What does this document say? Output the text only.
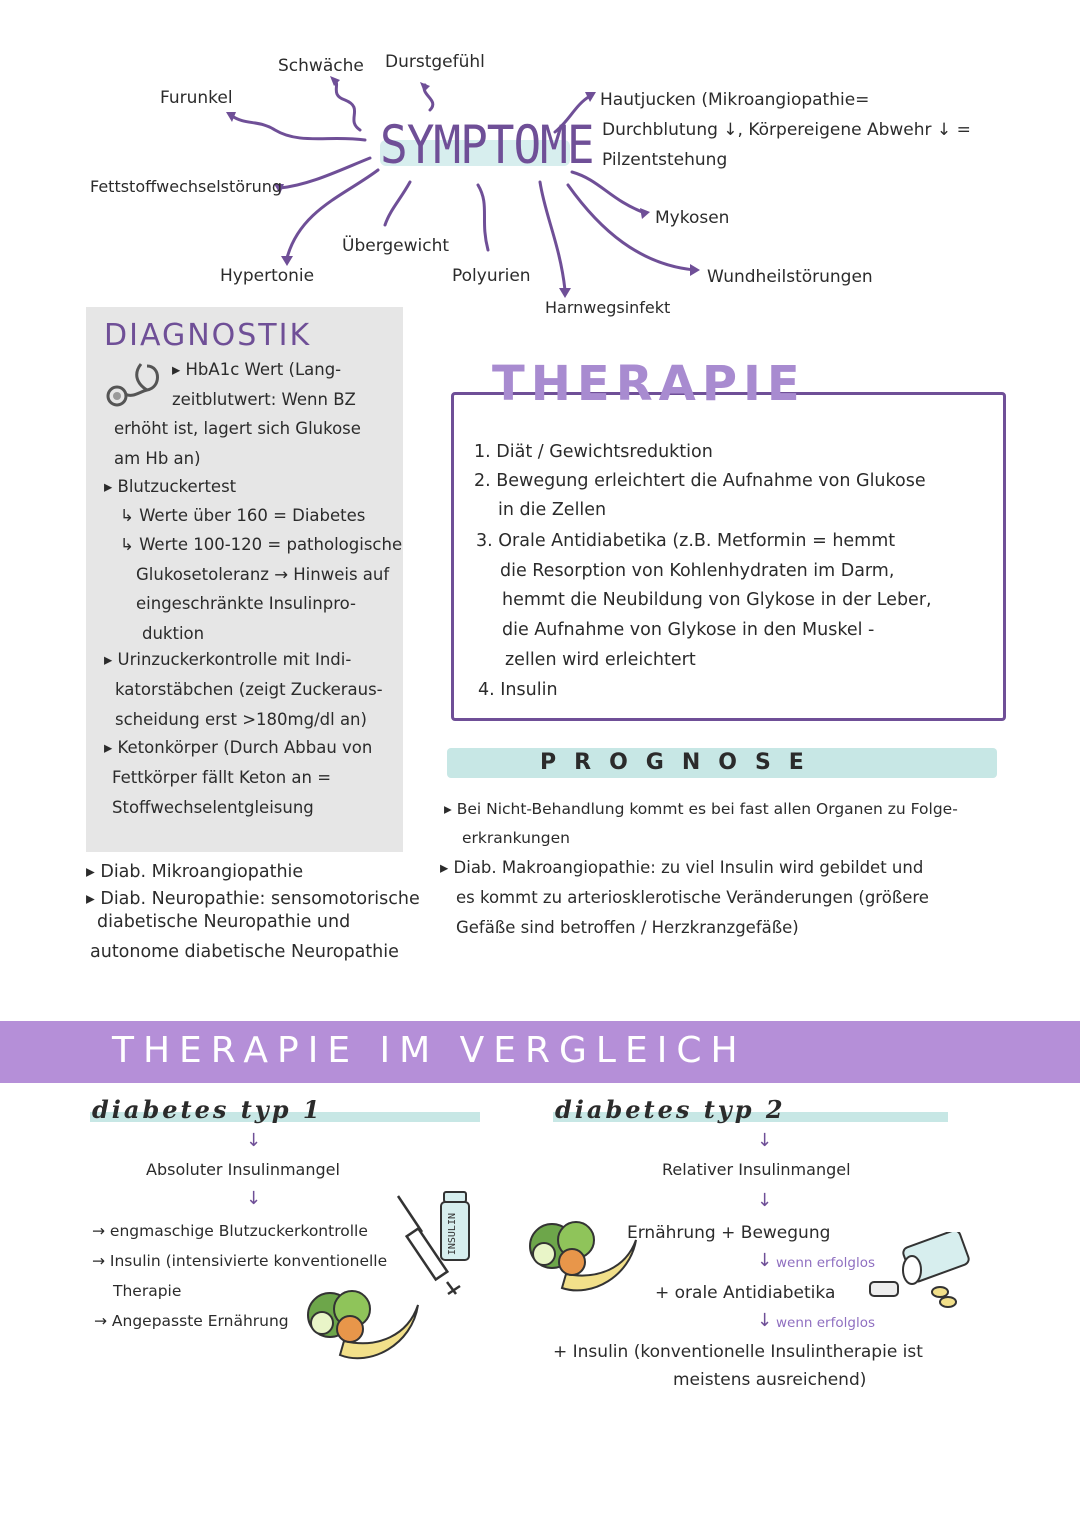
SYMPTOME
Schwäche Durstgefühl
Furunkel
Fettstoffwechselstörung
Hypertonie
Übergewicht
Polyurien
Harnwegsinfekt
Hautjucken (Mikroangiopathie=
Durchblutung ↓, Körpereigene Abwehr ↓ =
Pilzentstehung
Mykosen
Wundheilstörungen
DIAGNOSTIK
▸ HbA1c Wert (Lang-
zeitblutwert: Wenn BZ
erhöht ist, lagert sich Glukose
am Hb an)
▸ Blutzuckertest
↳ Werte über 160 = Diabetes
↳ Werte 100-120 = pathologische
Glukosetoleranz → Hinweis auf
eingeschränkte Insulinpro-
duktion
▸ Urinzuckerkontrolle mit Indi-
katorstäbchen (zeigt Zuckeraus-
scheidung erst >180mg/dl an)
▸ Ketonkörper (Durch Abbau von
Fettkörper fällt Keton an =
Stoffwechselentgleisung
THERAPIE
1. Diät / Gewichtsreduktion
2. Bewegung erleichtert die Aufnahme von Glukose
in die Zellen
3. Orale Antidiabetika (z.B. Metformin = hemmt
die Resorption von Kohlenhydraten im Darm,
hemmt die Neubildung von Glykose in der Leber,
die Aufnahme von Glykose in den Muskel -
zellen wird erleichtert
4. Insulin
PROGNOSE
▸ Bei Nicht-Behandlung kommt es bei fast allen Organen zu Folge-
erkrankungen
▸ Diab. Makroangiopathie: zu viel Insulin wird gebildet und
es kommt zu arteriosklerotische Veränderungen (größere
Gefäße sind betroffen / Herzkranzgefäße)
▸ Diab. Mikroangiopathie
▸ Diab. Neuropathie: sensomotorische
diabetische Neuropathie und
autonome diabetische Neuropathie
THERAPIE IM VERGLEICH
diabetes typ 1
↓
Absoluter Insulinmangel
↓
→ engmaschige Blutzuckerkontrolle
→ Insulin (intensivierte konventionelle
Therapie
→ Angepasste Ernährung
INSULIN
diabetes typ 2
↓
Relativer Insulinmangel
↓
Ernährung + Bewegung
↓ wenn erfolglos
+ orale Antidiabetika
↓ wenn erfolglos
+ Insulin (konventionelle Insulintherapie ist
meistens ausreichend)
